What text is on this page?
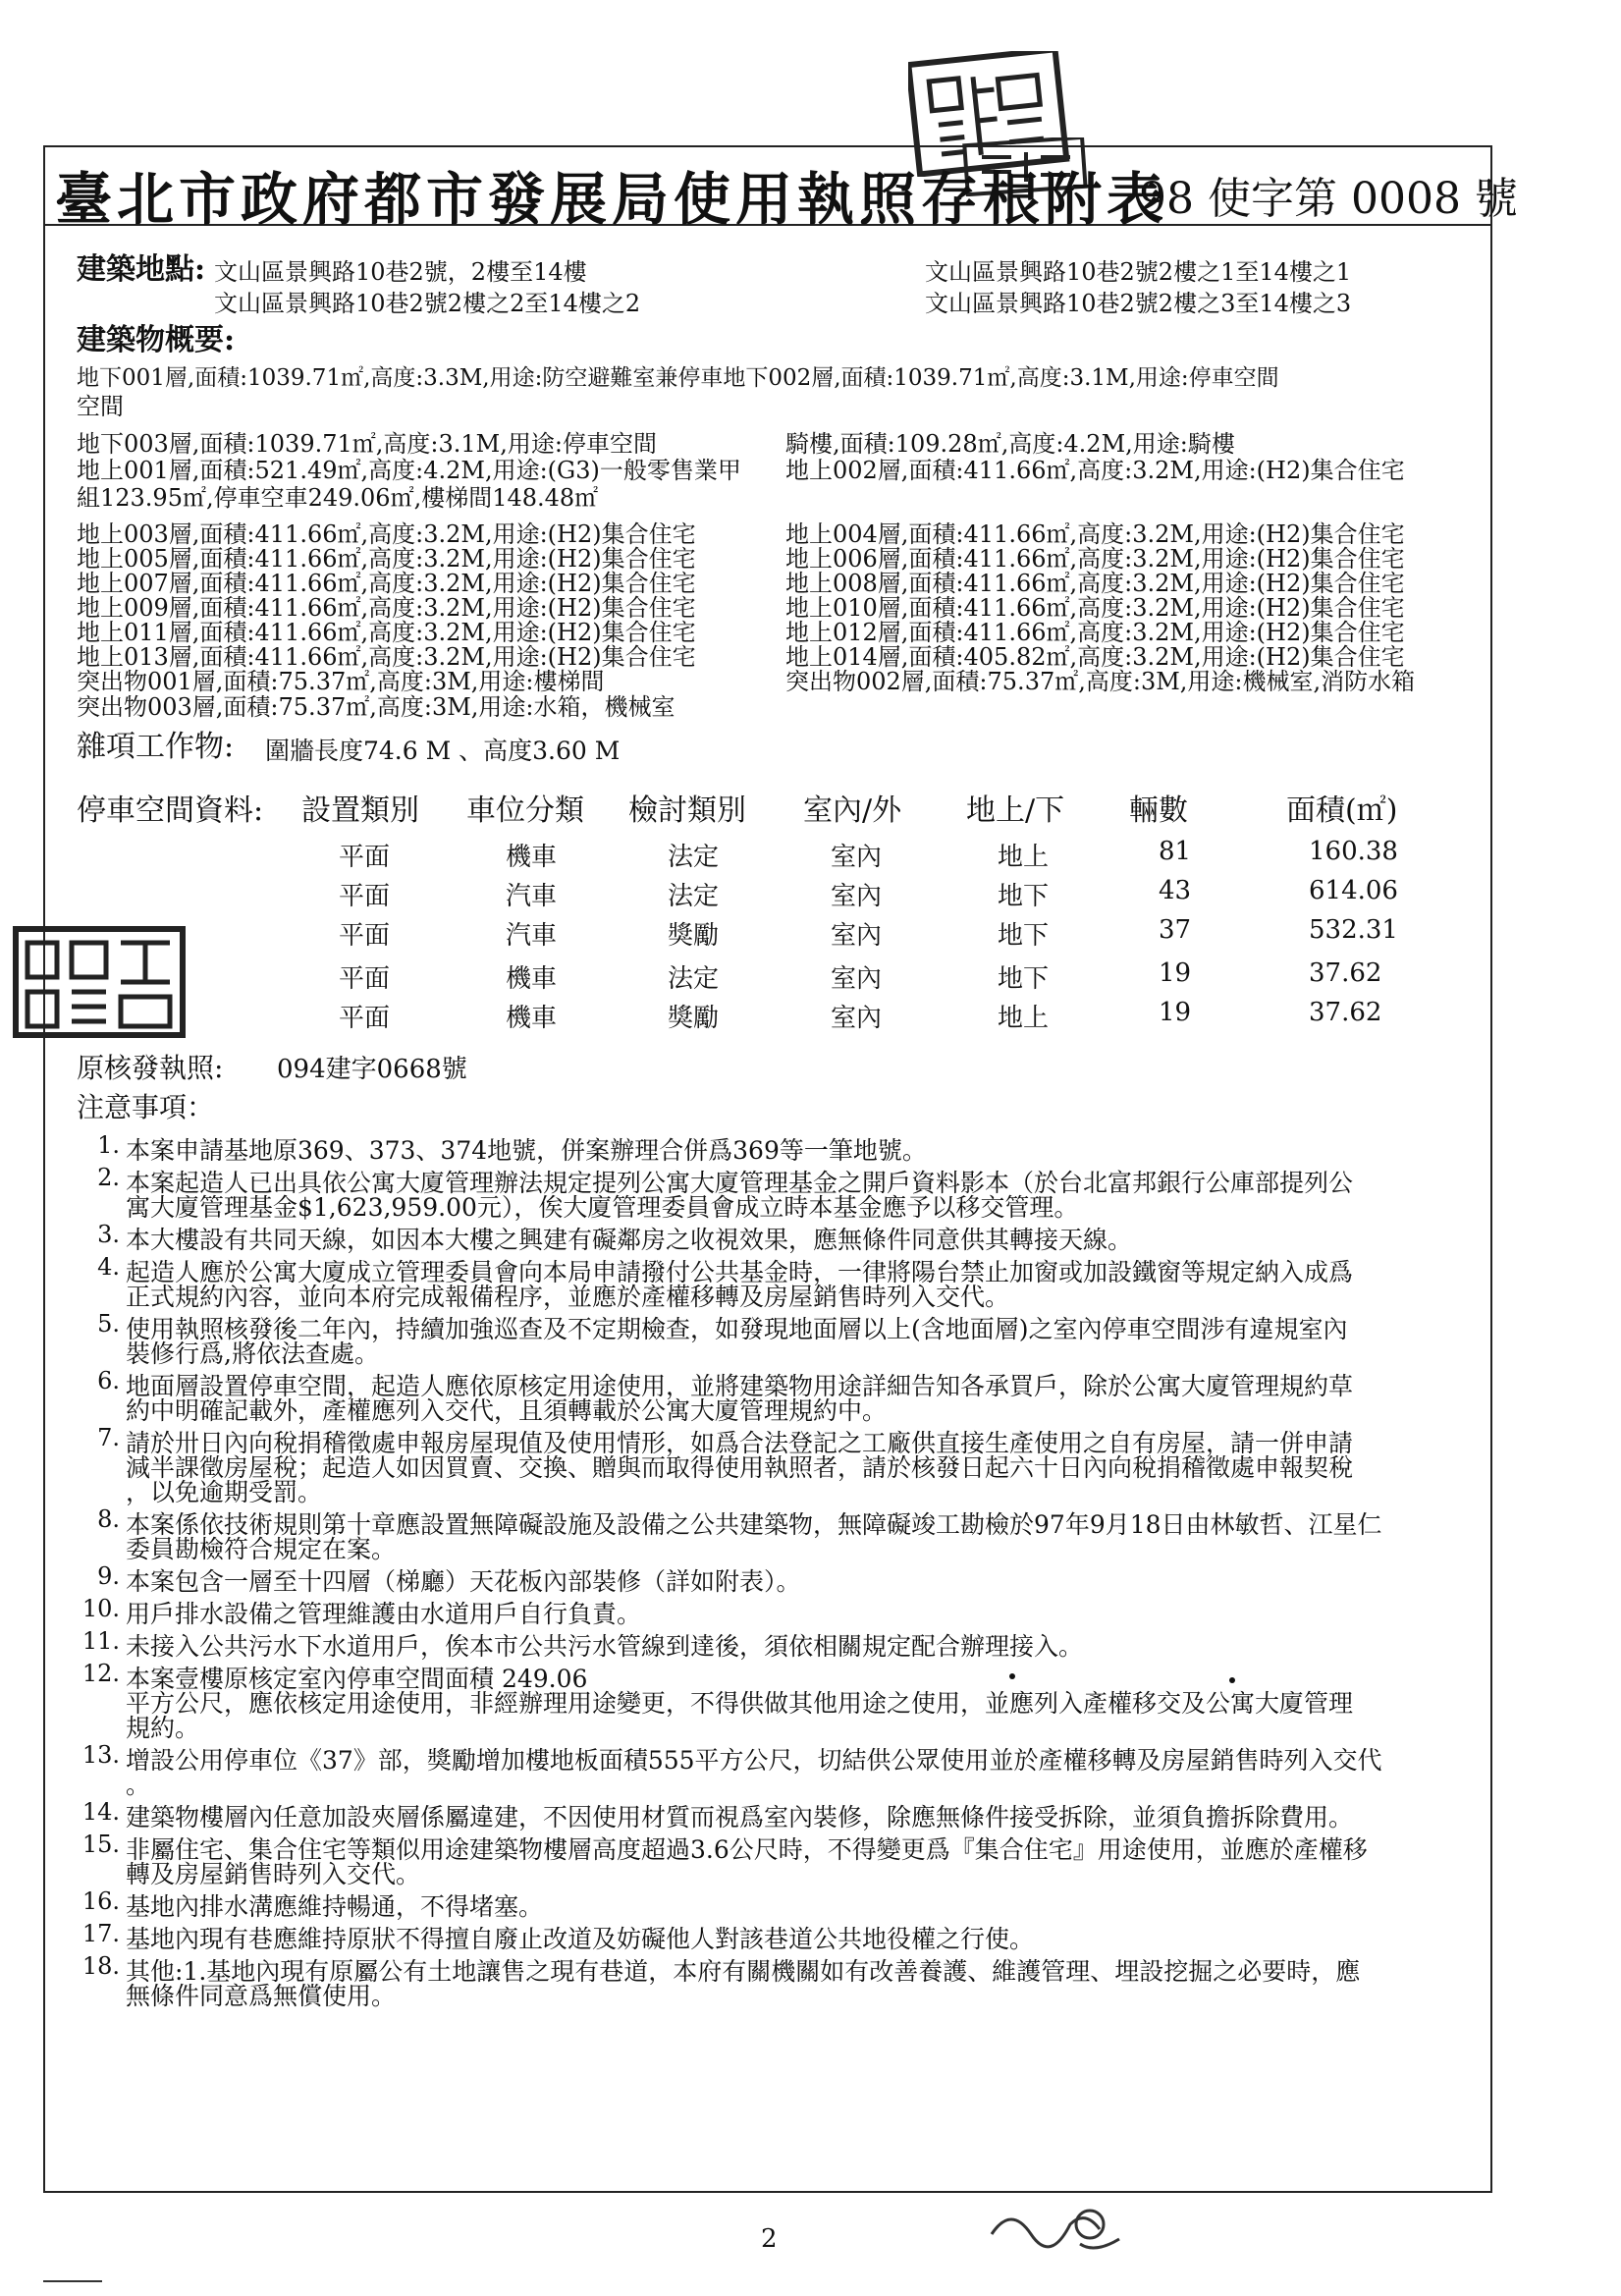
臺北市政府都市發展局使用執照存根附表
98 使字第 0008 號
建築地點: 文山區景興路10巷2號，2樓至14樓	文山區景興路10巷2號2樓之1至14樓之1
文山區景興路10巷2號2樓之2至14樓之2	文山區景興路10巷2號2樓之3至14樓之3
建築物概要:
地下001層,面積:1039.71㎡,高度:3.3M,用途:防空避難室兼停車地下002層,面積:1039.71㎡,高度:3.1M,用途:停車空間
空間
地下003層,面積:1039.71㎡,高度:3.1M,用途:停車空間	騎樓,面積:109.28㎡,高度:4.2M,用途:騎樓
地上001層,面積:521.49㎡,高度:4.2M,用途:(G3)一般零售業甲 地上002層,面積:411.66㎡,高度:3.2M,用途:(H2)集合住宅
組123.95㎡,停車空車249.06㎡,樓梯間148.48㎡
地上003層,面積:411.66㎡,高度:3.2M,用途:(H2)集合住宅	地上004層,面積:411.66㎡,高度:3.2M,用途:(H2)集合住宅
地上005層,面積:411.66㎡,高度:3.2M,用途:(H2)集合住宅	地上006層,面積:411.66㎡,高度:3.2M,用途:(H2)集合住宅
地上007層,面積:411.66㎡,高度:3.2M,用途:(H2)集合住宅	地上008層,面積:411.66㎡,高度:3.2M,用途:(H2)集合住宅
地上009層,面積:411.66㎡,高度:3.2M,用途:(H2)集合住宅	地上010層,面積:411.66㎡,高度:3.2M,用途:(H2)集合住宅
地上011層,面積:411.66㎡,高度:3.2M,用途:(H2)集合住宅	地上012層,面積:411.66㎡,高度:3.2M,用途:(H2)集合住宅
地上013層,面積:411.66㎡,高度:3.2M,用途:(H2)集合住宅	地上014層,面積:405.82㎡,高度:3.2M,用途:(H2)集合住宅
突出物001層,面積:75.37㎡,高度:3M,用途:樓梯間	突出物002層,面積:75.37㎡,高度:3M,用途:機械室,消防水箱
突出物003層,面積:75.37㎡,高度:3M,用途:水箱，機械室
雜項工作物: 圍牆長度74.6 M 、高度3.60 M
停車空間資料: 設置類別 車位分類 檢討類別 室內/外 地上/下 輛數	面積(㎡)
平面	機車	法定	室內	地上	81	160.38
平面	汽車	法定	室內	地下	43	614.06
平面	汽車	獎勵	室內	地下	37	532.31
平面	機車	法定	室內	地下	19	37.62
平面	機車	獎勵	室內	地上	19	37.62
原核發執照: 094建字0668號
注意事項：
1. 本案申請基地原369、373、374地號，併案辦理合併爲369等一筆地號。
2. 本案起造人已出具依公寓大廈管理辦法規定提列公寓大廈管理基金之開戶資料影本（於台北富邦銀行公庫部提列公
寓大廈管理基金$1,623,959.00元），俟大廈管理委員會成立時本基金應予以移交管理。
3. 本大樓設有共同天線，如因本大樓之興建有礙鄰房之收視效果，應無條件同意供其轉接天線。
4. 起造人應於公寓大廈成立管理委員會向本局申請撥付公共基金時，一律將陽台禁止加窗或加設鐵窗等規定納入成爲
正式規約內容，並向本府完成報備程序，並應於產權移轉及房屋銷售時列入交代。
5. 使用執照核發後二年內，持續加強巡查及不定期檢查，如發現地面層以上(含地面層)之室內停車空間涉有違規室內
裝修行爲,將依法查處。
6. 地面層設置停車空間，起造人應依原核定用途使用，並將建築物用途詳細告知各承買戶，除於公寓大廈管理規約草
約中明確記載外，產權應列入交代，且須轉載於公寓大廈管理規約中。
7. 請於卅日內向稅捐稽徵處申報房屋現值及使用情形，如爲合法登記之工廠供直接生產使用之自有房屋，請一併申請
減半課徵房屋稅；起造人如因買賣、交換、贈與而取得使用執照者，請於核發日起六十日內向稅捐稽徵處申報契稅
，以免逾期受罰。
8. 本案係依技術規則第十章應設置無障礙設施及設備之公共建築物，無障礙竣工勘檢於97年9月18日由林敏哲、江星仁
委員勘檢符合規定在案。
9. 本案包含一層至十四層（梯廳）天花板內部裝修（詳如附表）。
10. 用戶排水設備之管理維護由水道用戶自行負責。
11. 未接入公共污水下水道用戶，俟本市公共污水管線到達後，須依相關規定配合辦理接入。
12. 本案壹樓原核定室內停車空間面積 249.06
平方公尺，應依核定用途使用，非經辦理用途變更，不得供做其他用途之使用，並應列入產權移交及公寓大廈管理
規約。
13. 增設公用停車位《37》部，獎勵增加樓地板面積555平方公尺，切結供公眾使用並於產權移轉及房屋銷售時列入交代
。
14. 建築物樓層內任意加設夾層係屬違建，不因使用材質而視爲室內裝修，除應無條件接受拆除，並須負擔拆除費用。
15. 非屬住宅、集合住宅等類似用途建築物樓層高度超過3.6公尺時，不得變更爲『集合住宅』用途使用，並應於產權移
轉及房屋銷售時列入交代。
16. 基地內排水溝應維持暢通，不得堵塞。
17. 基地內現有巷應維持原狀不得擅自廢止改道及妨礙他人對該巷道公共地役權之行使。
18. 其他:1.基地內現有原屬公有土地讓售之現有巷道，本府有關機關如有改善養護、維護管理、埋設挖掘之必要時，應
無條件同意爲無償使用。
2
